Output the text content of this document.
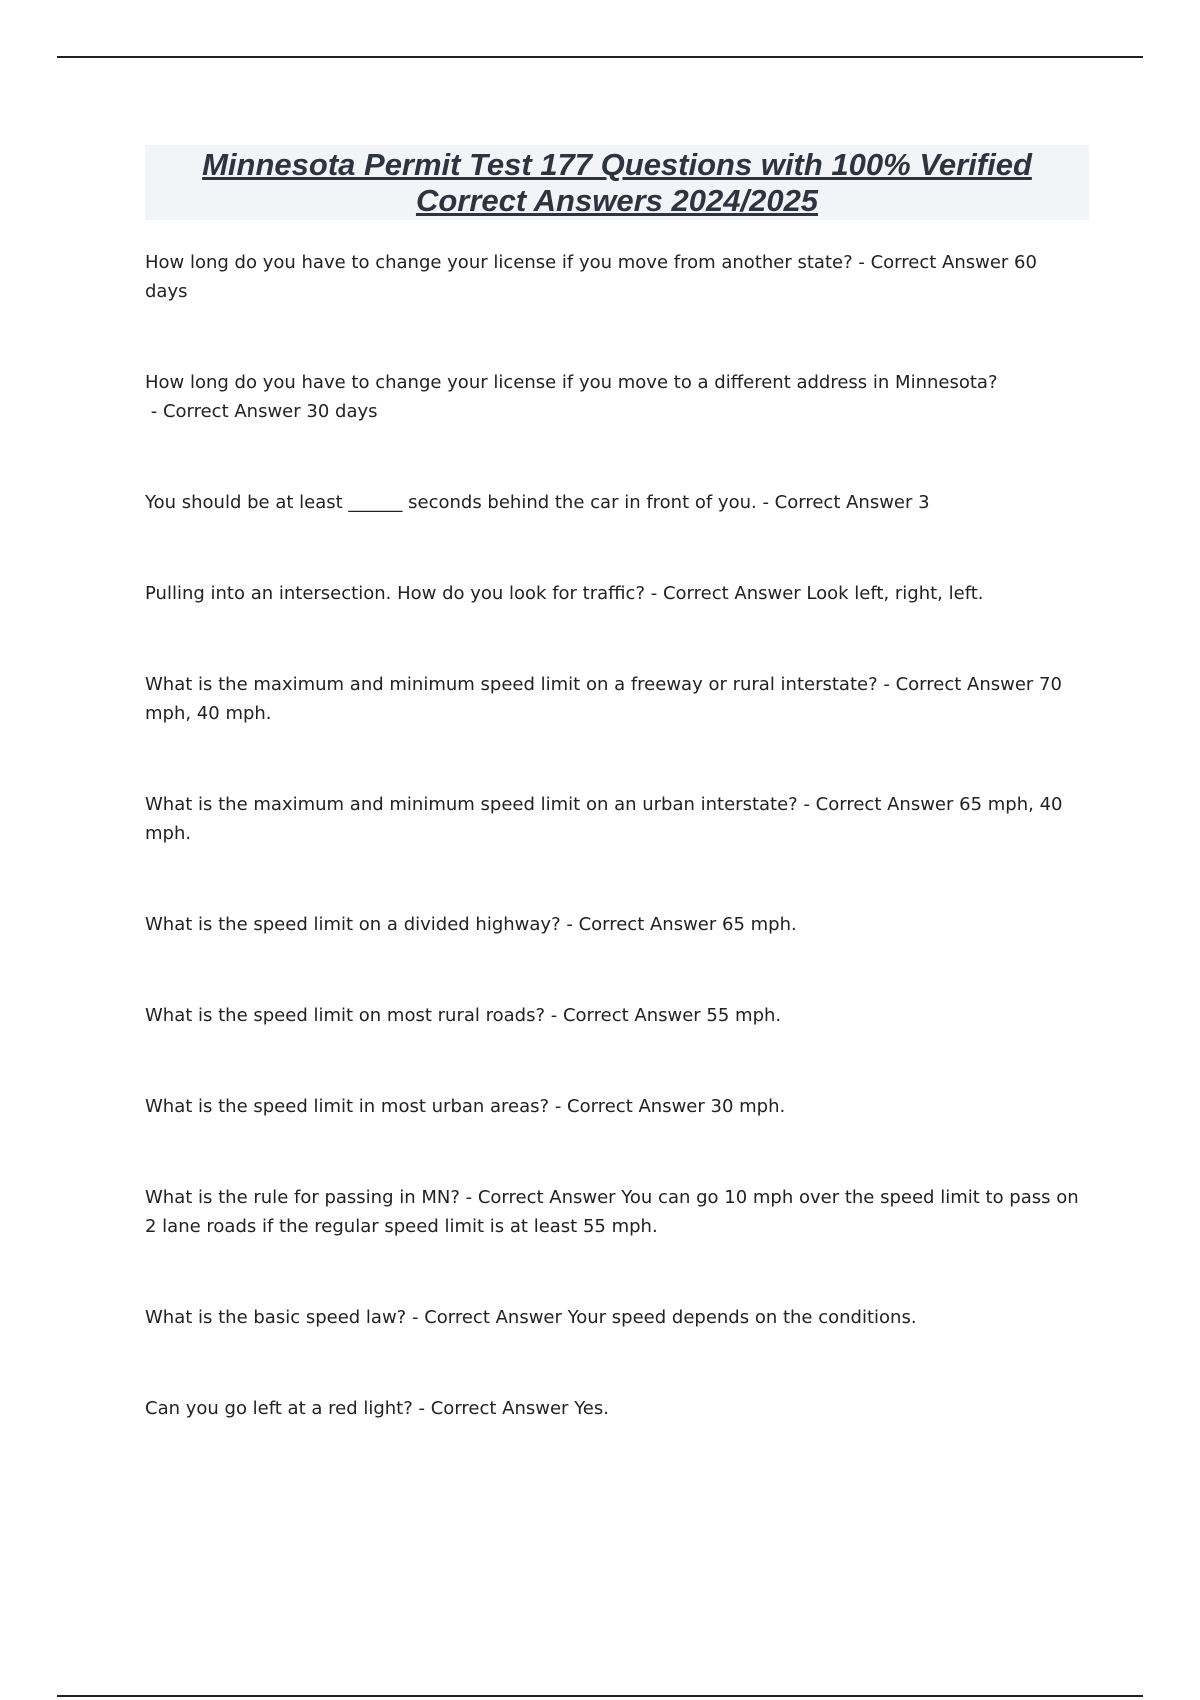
Minnesota Permit Test 177 Questions with 100% Verified Correct Answers 2024/2025

How long do you have to change your license if you move from another state? - Correct Answer 60 days

How long do you have to change your license if you move to a different address in Minnesota? - Correct Answer 30 days

You should be at least ______ seconds behind the car in front of you. - Correct Answer 3

Pulling into an intersection. How do you look for traffic? - Correct Answer Look left, right, left.

What is the maximum and minimum speed limit on a freeway or rural interstate? - Correct Answer 70 mph, 40 mph.

What is the maximum and minimum speed limit on an urban interstate? - Correct Answer 65 mph, 40 mph.

What is the speed limit on a divided highway? - Correct Answer 65 mph.

What is the speed limit on most rural roads? - Correct Answer 55 mph.

What is the speed limit in most urban areas? - Correct Answer 30 mph.

What is the rule for passing in MN? - Correct Answer You can go 10 mph over the speed limit to pass on 2 lane roads if the regular speed limit is at least 55 mph.

What is the basic speed law? - Correct Answer Your speed depends on the conditions.

Can you go left at a red light? - Correct Answer Yes.
